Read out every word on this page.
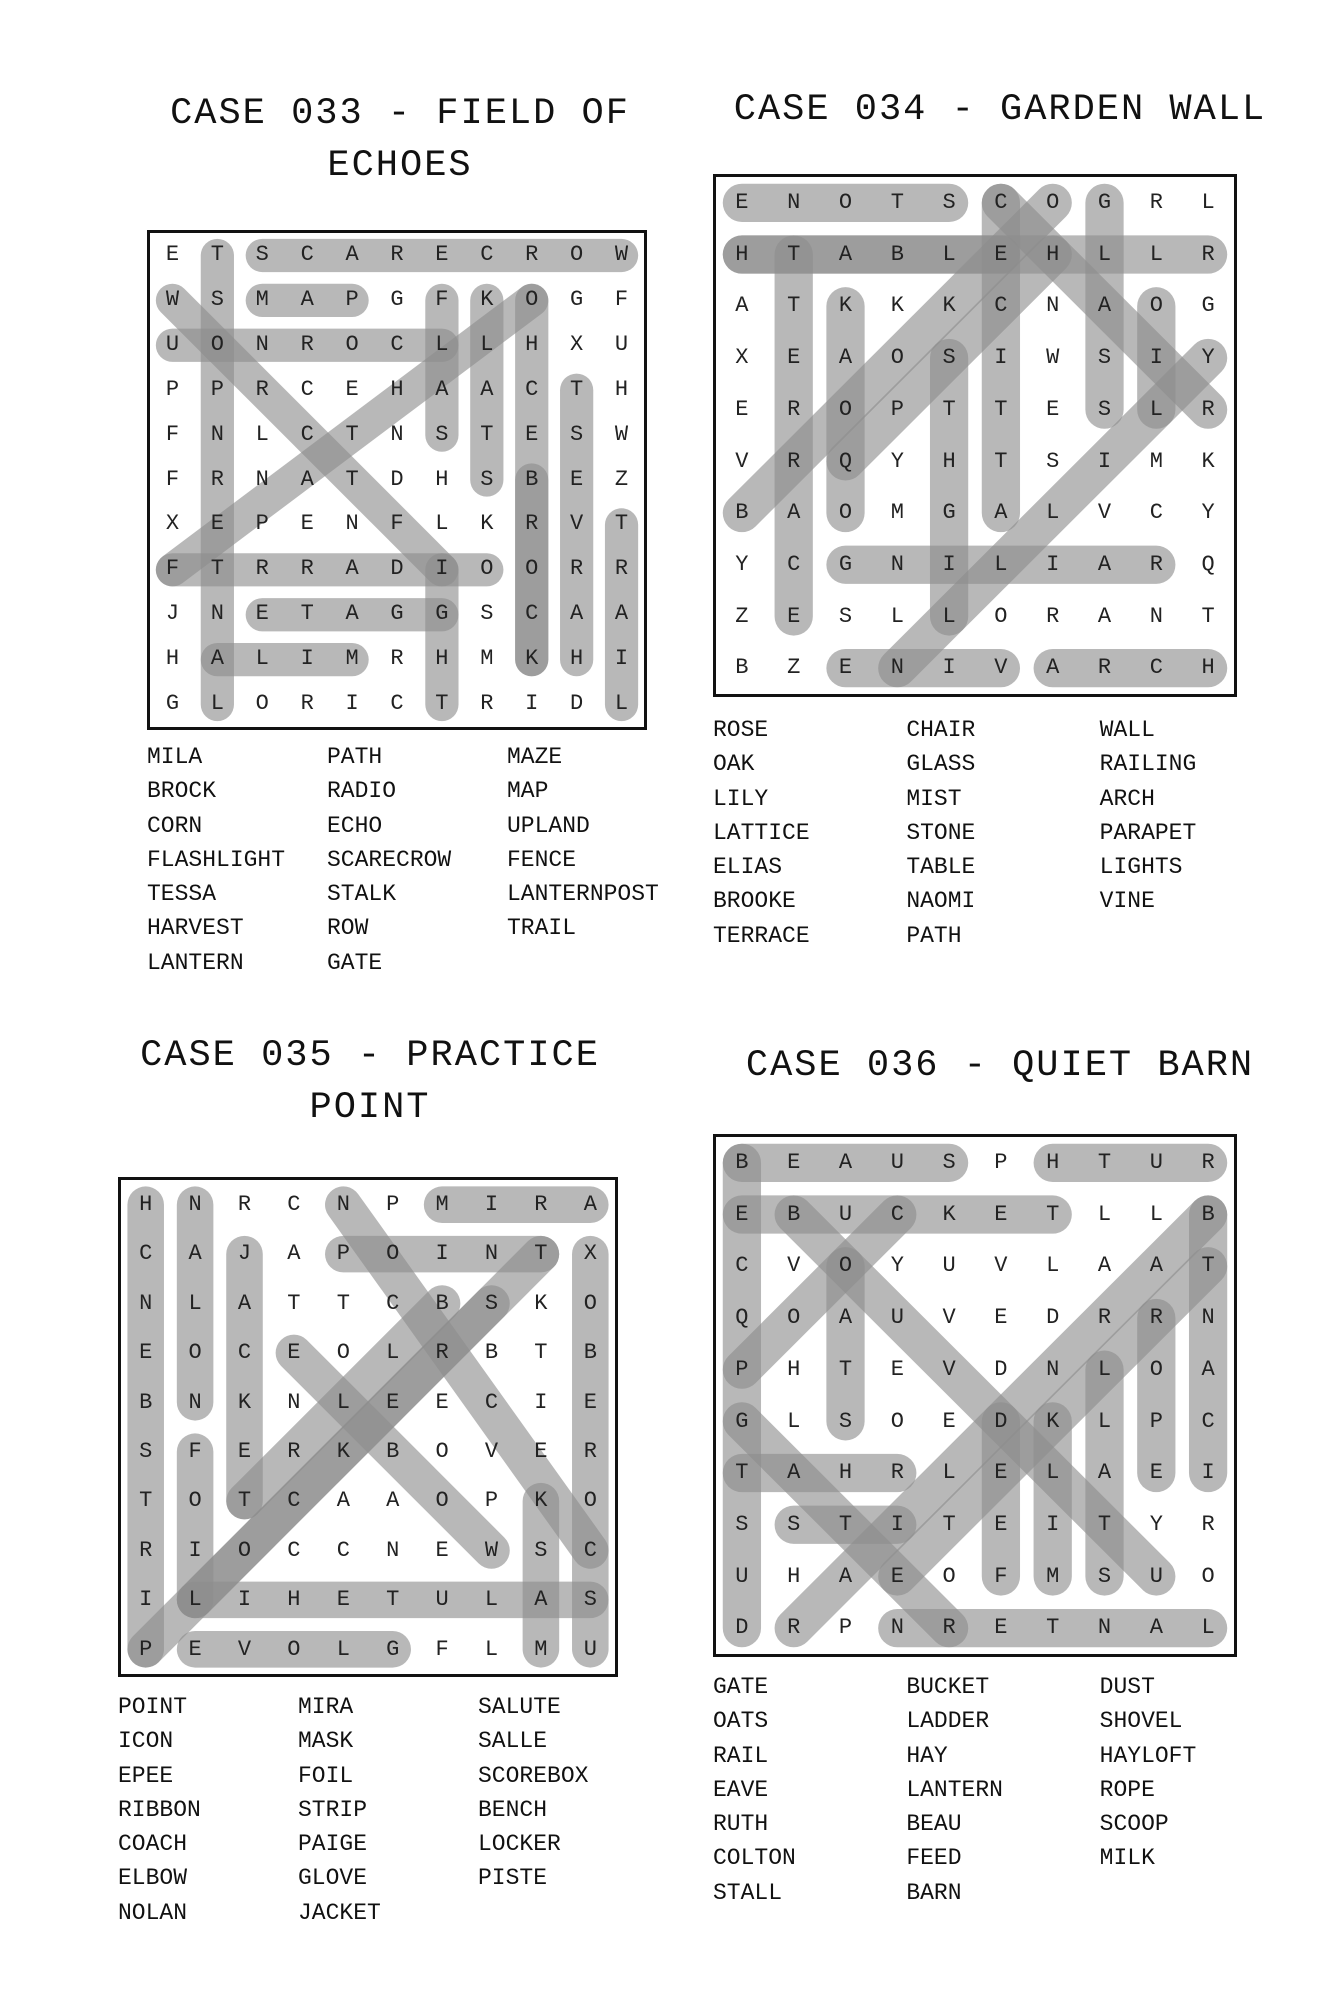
CASE 033 - FIELD OF
ECHOES
E	T	S	C	A	R	E	C	R	O	W
W	S	M	A	P	G	F	K	O	G	F
U	O	N	R	O	C	L	L	H	X	U
P	P	R	C	E	H	A	A	C	T	H
F	N	L	C	T	N	S	T	E	S	W
F	R	N	A	T	D	H	S	B	E	Z
X	E	P	E	N	F	L	K	R	V	T
F	T	R	R	A	D	I	O	O	R	R
J	N	E	T	A	G	G	S	C	A	A
H	A	L	I	M	R	H	M	K	H	I
G	L	O	R	I	C	T	R	I	D	L
MILA
BROCK
CORN
FLASHLIGHT
TESSA
HARVEST
LANTERN
PATH
RADIO
ECHO
SCARECROW
STALK
ROW
GATE
MAZE
MAP
UPLAND
FENCE
LANTERNPOST
TRAIL
CASE 034 - GARDEN WALL
E	N	O	T	S	C	O	G	R	L
H	T	A	B	L	E	H	L	L	R
A	T	K	K	K	C	N	A	O	G
X	E	A	O	S	I	W	S	I	Y
E	R	O	P	T	T	E	S	L	R
V	R	Q	Y	H	T	S	I	M	K
B	A	O	M	G	A	L	V	C	Y
Y	C	G	N	I	L	I	A	R	Q
Z	E	S	L	L	O	R	A	N	T
B	Z	E	N	I	V	A	R	C	H
ROSE
OAK
LILY
LATTICE
ELIAS
BROOKE
TERRACE
CHAIR
GLASS
MIST
STONE
TABLE
NAOMI
PATH
WALL
RAILING
ARCH
PARAPET
LIGHTS
VINE
CASE 035 - PRACTICE
POINT
H	N	R	C	N	P	M	I	R	A
C	A	J	A	P	O	I	N	T	X
N	L	A	T	T	C	B	S	K	O
E	O	C	E	O	L	R	B	T	B
B	N	K	N	L	E	E	C	I	E
S	F	E	R	K	B	O	V	E	R
T	O	T	C	A	A	O	P	K	O
R	I	O	C	C	N	E	W	S	C
I	L	I	H	E	T	U	L	A	S
P	E	V	O	L	G	F	L	M	U
POINT
ICON
EPEE
RIBBON
COACH
ELBOW
NOLAN
MIRA
MASK
FOIL
STRIP
PAIGE
GLOVE
JACKET
SALUTE
SALLE
SCOREBOX
BENCH
LOCKER
PISTE
CASE 036 - QUIET BARN
B	E	A	U	S	P	H	T	U	R
E	B	U	C	K	E	T	L	L	B
C	V	O	Y	U	V	L	A	A	T
Q	O	A	U	V	E	D	R	R	N
P	H	T	E	V	D	N	L	O	A
G	L	S	O	E	D	K	L	P	C
T	A	H	R	L	E	L	A	E	I
S	S	T	I	T	E	I	T	Y	R
U	H	A	E	O	F	M	S	U	O
D	R	P	N	R	E	T	N	A	L
GATE
OATS
RAIL
EAVE
RUTH
COLTON
STALL
BUCKET
LADDER
HAY
LANTERN
BEAU
FEED
BARN
DUST
SHOVEL
HAYLOFT
ROPE
SCOOP
MILK
